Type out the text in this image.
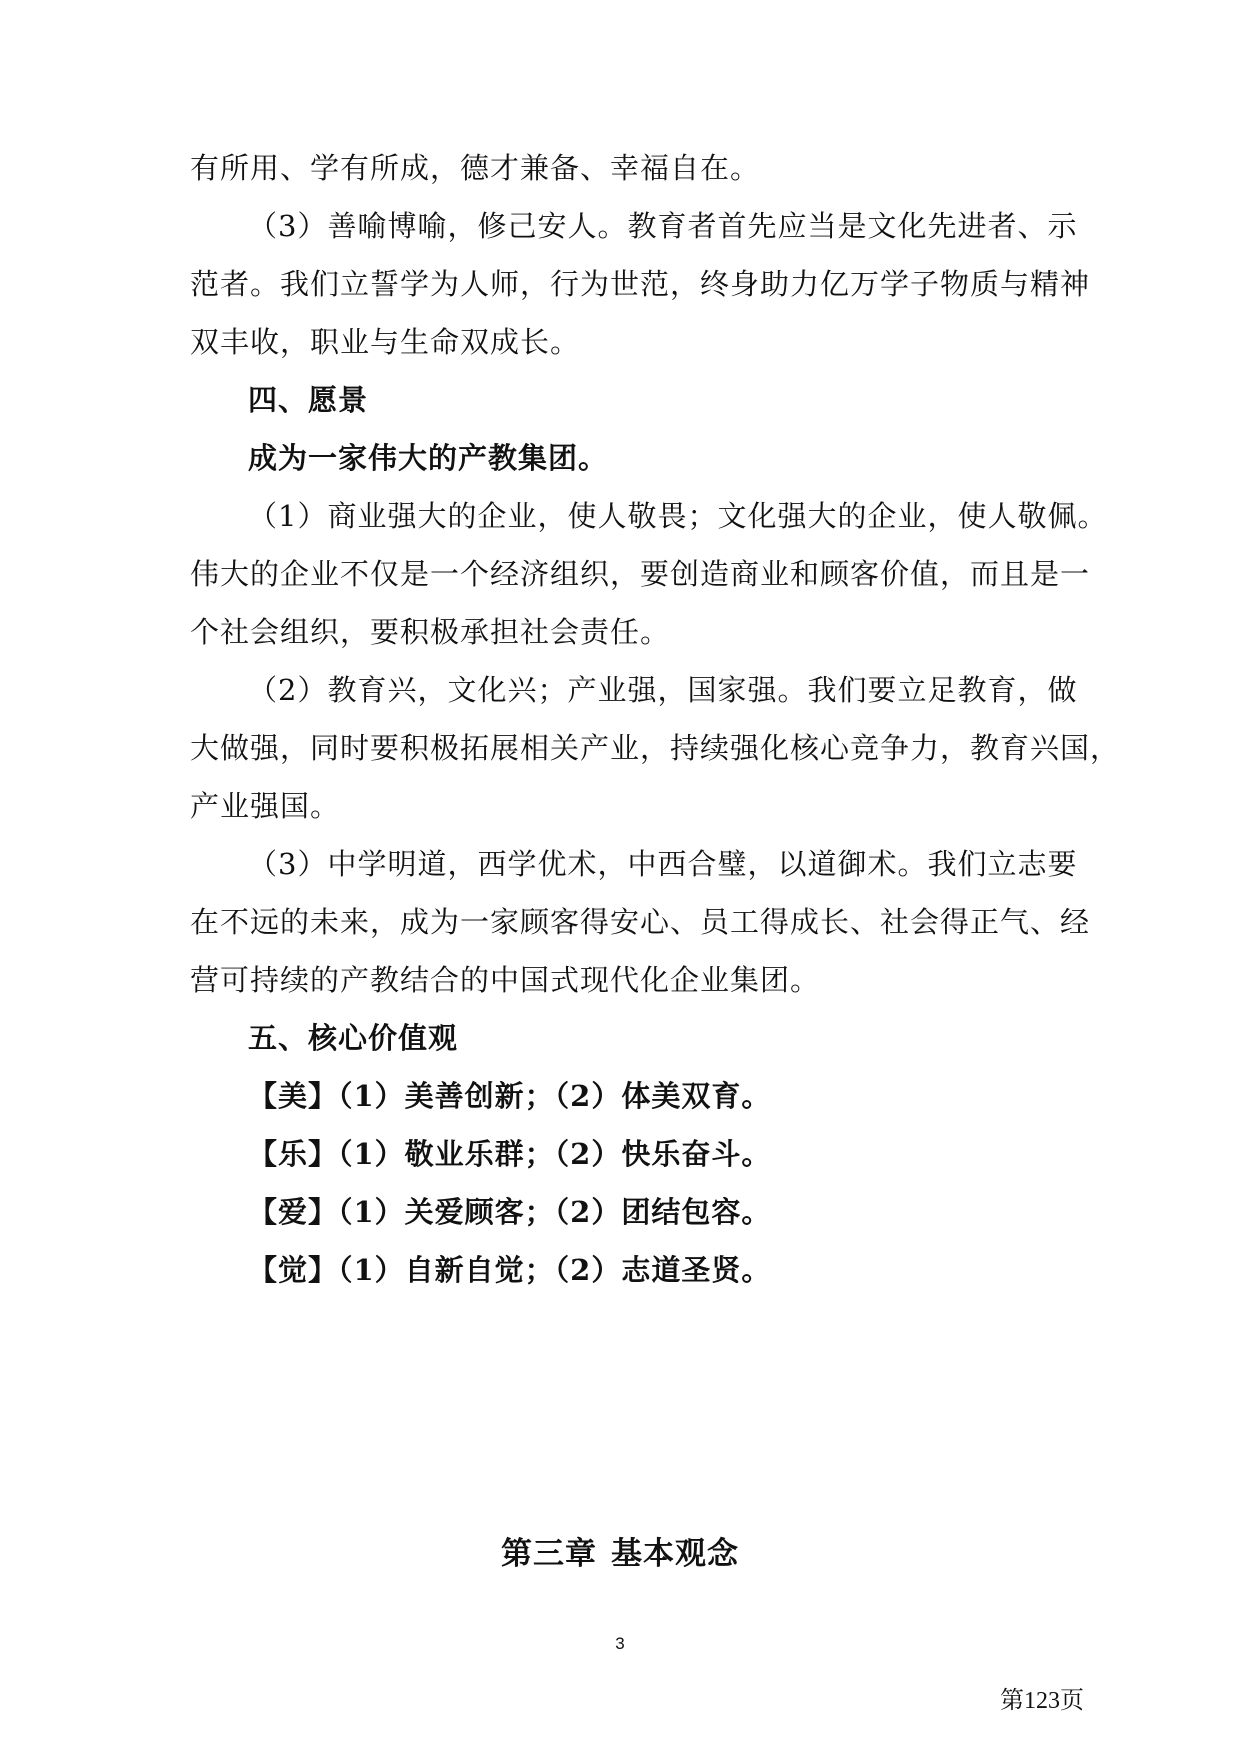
有所用、学有所成，德才兼备、幸福自在。
（3）善喻博喻，修己安人。教育者首先应当是文化先进者、示
范者。我们立誓学为人师，行为世范，终身助力亿万学子物质与精神
双丰收，职业与生命双成长。
四、愿景
成为一家伟大的产教集团。
（1）商业强大的企业，使人敬畏；文化强大的企业，使人敬佩。
伟大的企业不仅是一个经济组织，要创造商业和顾客价值，而且是一
个社会组织，要积极承担社会责任。
（2）教育兴，文化兴；产业强，国家强。我们要立足教育，做
大做强，同时要积极拓展相关产业，持续强化核心竞争力，教育兴国，
产业强国。
（3）中学明道，西学优术，中西合璧，以道御术。我们立志要
在不远的未来，成为一家顾客得安心、员工得成长、社会得正气、经
营可持续的产教结合的中国式现代化企业集团。
五、核心价值观
【美】（1）美善创新；（2）体美双育。
【乐】（1）敬业乐群；（2）快乐奋斗。
【爱】（1）关爱顾客；（2）团结包容。
【觉】（1）自新自觉；（2）志道圣贤。
第三章 基本观念
3
第123页
